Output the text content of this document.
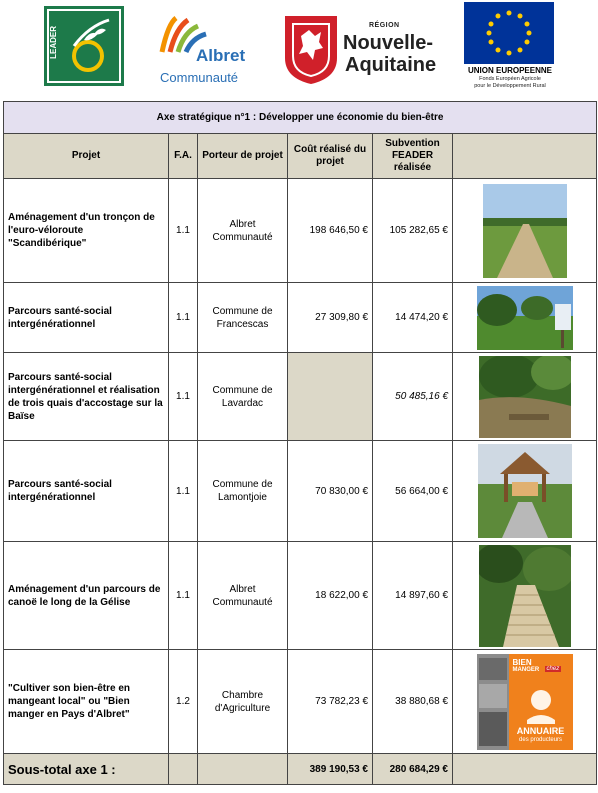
LEADER	Albret
Communauté
RÉGION
Nouvelle-
Aquitaine	UNION EUROPEENNE
Fonds Européen Agricole
pour le Développement Rural
Axe stratégique n°1 : Développer une économie du bien-être					
Projet	F.A.	Porteur de projet	Coût réalisé du projet	Subvention FEADER réalisée	
Aménagement d'un tronçon de l'euro-véloroute "Scandibérique"	1.1	Albret Communauté	198 646,50 €	105 282,65 €	

Parcours santé-social intergénérationnel	1.1	Commune de Francescas	27 309,80 €	14 474,20 €	

Parcours santé-social intergénérationnel et réalisation de trois quais d'accostage sur la Baïse	1.1	Commune de Lavardac		50 485,16 €	

Parcours santé-social intergénérationnel	1.1	Commune de Lamontjoie	70 830,00 €	56 664,00 €	

Aménagement d'un parcours de canoë le long de la Gélise	1.1	Albret Communauté	18 622,00 €	14 897,60 €	

"Cultiver son bien-être en mangeant local" ou "Bien manger en Pays d'Albret"	1.2	Chambre d'Agriculture	73 782,23 €	38 880,68 €	BIEN
MANGER chez
ANNUAIRE
des producteurs

Sous-total axe 1 :			389 190,53 €	280 684,29 €	
